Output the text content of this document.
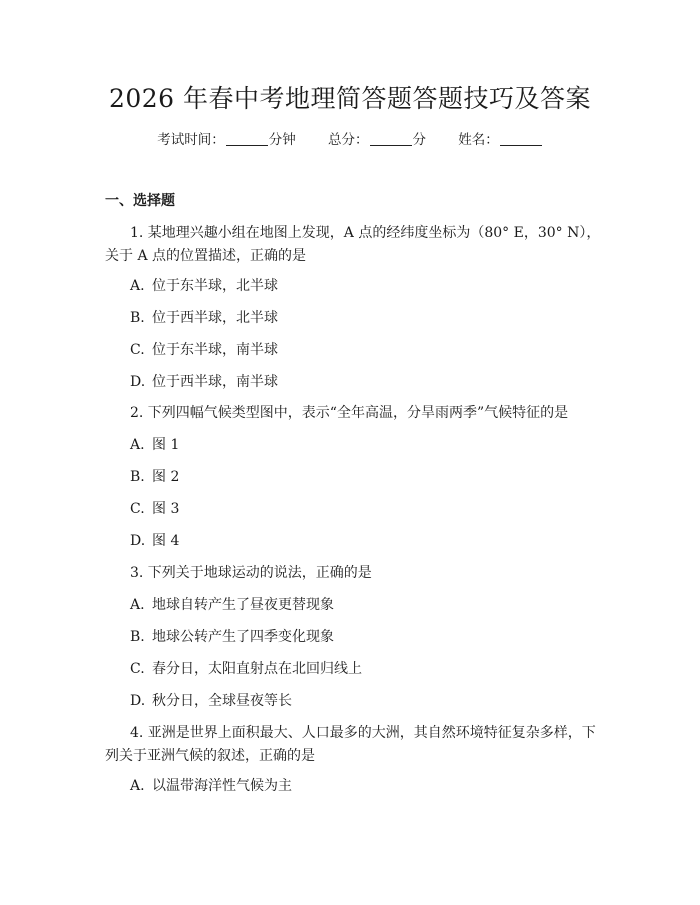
2026 年春中考地理简答题答题技巧及答案
考试时间：	分钟 总分：	分 姓名：
一、选择题
1. 某地理兴趣小组在地图上发现，A 点的经纬度坐标为（80° E，30° N），
关于 A 点的位置描述，正确的是
A. 位于东半球，北半球
B. 位于西半球，北半球
C. 位于东半球，南半球
D. 位于西半球，南半球
2. 下列四幅气候类型图中，表示“全年高温，分旱雨两季”气候特征的是
A. 图 1
B. 图 2
C. 图 3
D. 图 4
3. 下列关于地球运动的说法，正确的是
A. 地球自转产生了昼夜更替现象
B. 地球公转产生了四季变化现象
C. 春分日，太阳直射点在北回归线上
D. 秋分日，全球昼夜等长
4. 亚洲是世界上面积最大、人口最多的大洲，其自然环境特征复杂多样，下
列关于亚洲气候的叙述，正确的是
A. 以温带海洋性气候为主
